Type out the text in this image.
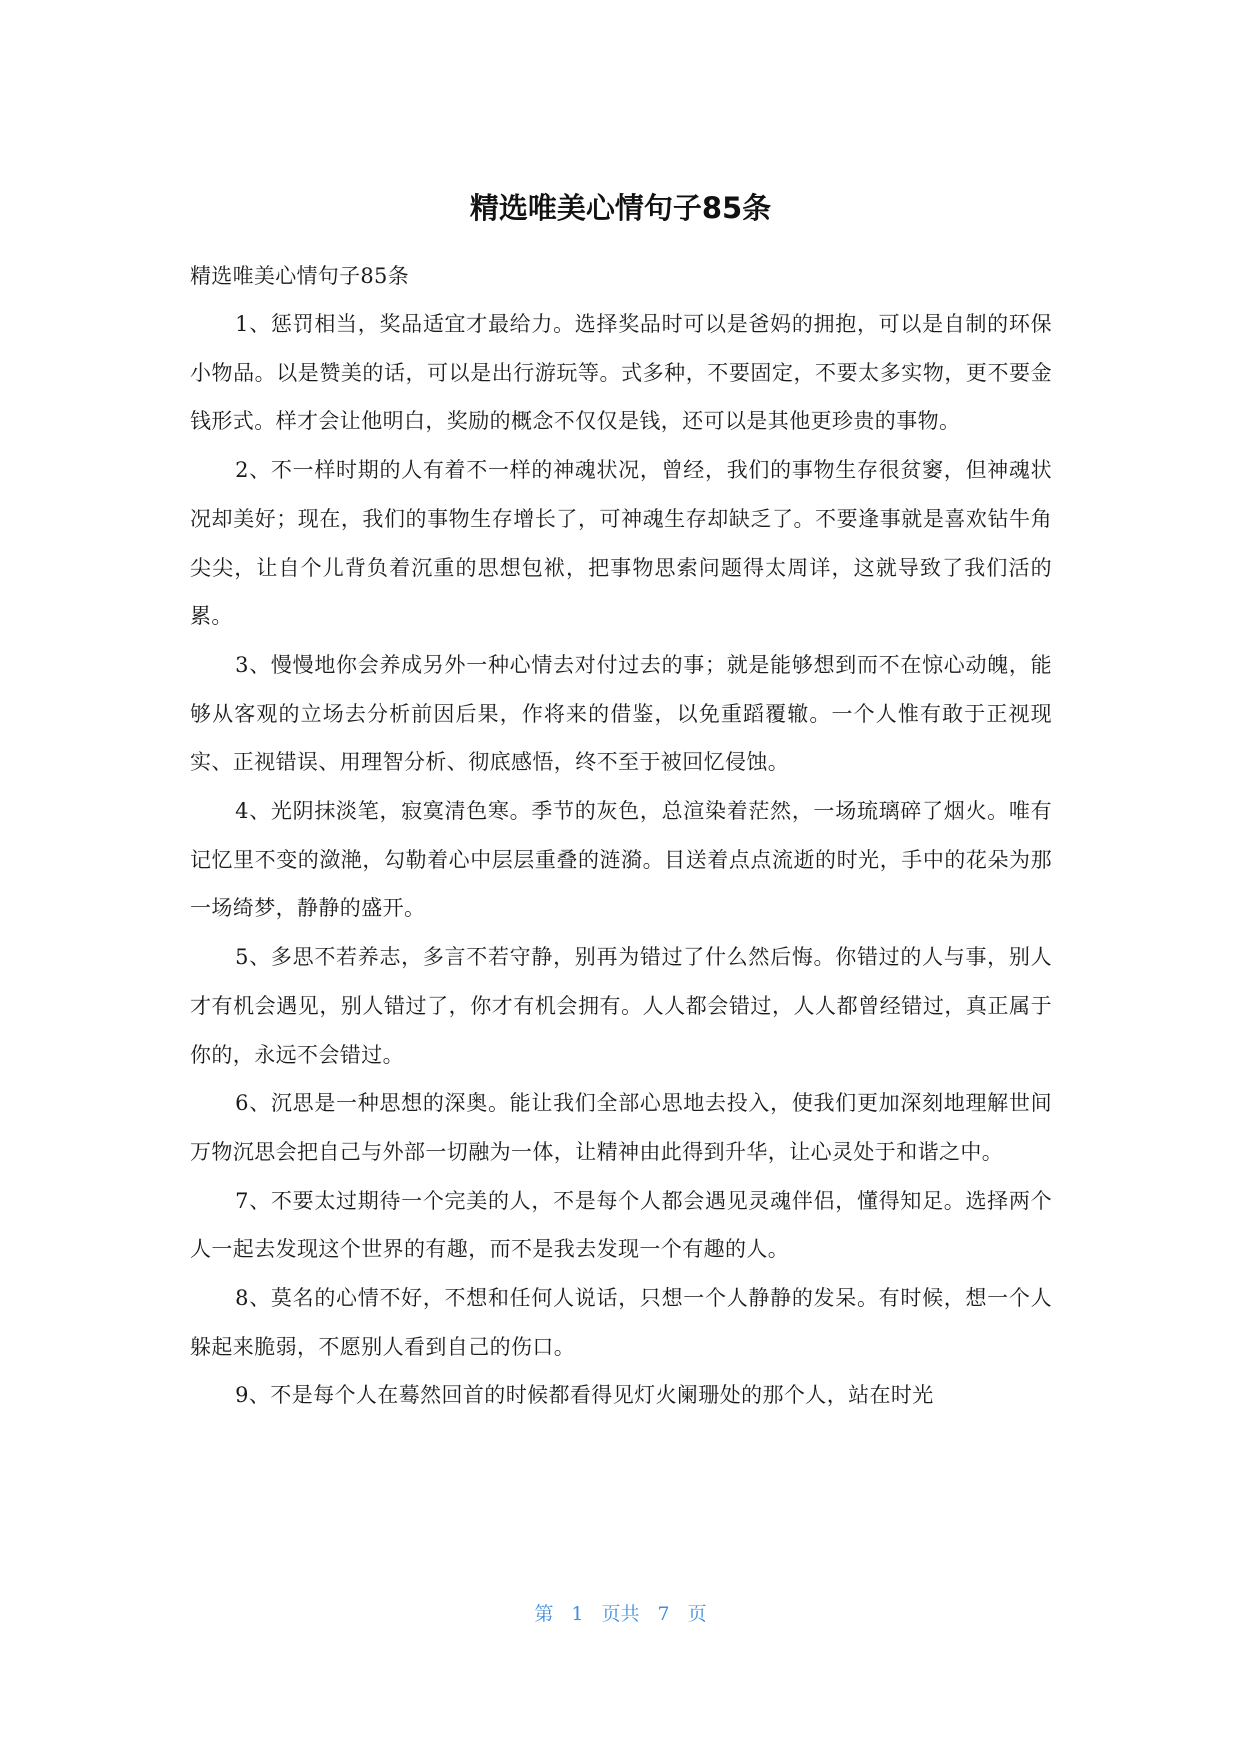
精选唯美心情句子85条

精选唯美心情句子85条

1、惩罚相当，奖品适宜才最给力。选择奖品时可以是爸妈的拥抱，可以是自制的环保小物品。以是赞美的话，可以是出行游玩等。式多种，不要固定，不要太多实物，更不要金钱形式。样才会让他明白，奖励的概念不仅仅是钱，还可以是其他更珍贵的事物。

2、不一样时期的人有着不一样的神魂状况，曾经，我们的事物生存很贫窭，但神魂状况却美好；现在，我们的事物生存增长了，可神魂生存却缺乏了。不要逢事就是喜欢钻牛角尖尖，让自个儿背负着沉重的思想包袱，把事物思索问题得太周详，这就导致了我们活的累。

3、慢慢地你会养成另外一种心情去对付过去的事；就是能够想到而不在惊心动魄，能够从客观的立场去分析前因后果，作将来的借鉴，以免重蹈覆辙。一个人惟有敢于正视现实、正视错误、用理智分析、彻底感悟，终不至于被回忆侵蚀。

4、光阴抹淡笔，寂寞清色寒。季节的灰色，总渲染着茫然，一场琉璃碎了烟火。唯有记忆里不变的潋滟，勾勒着心中层层重叠的涟漪。目送着点点流逝的时光，手中的花朵为那一场绮梦，静静的盛开。

5、多思不若养志，多言不若守静，别再为错过了什么然后悔。你错过的人与事，别人才有机会遇见，别人错过了，你才有机会拥有。人人都会错过，人人都曾经错过，真正属于你的，永远不会错过。

6、沉思是一种思想的深奥。能让我们全部心思地去投入，使我们更加深刻地理解世间万物沉思会把自己与外部一切融为一体，让精神由此得到升华，让心灵处于和谐之中。

7、不要太过期待一个完美的人，不是每个人都会遇见灵魂伴侣，懂得知足。选择两个人一起去发现这个世界的有趣，而不是我去发现一个有趣的人。

8、莫名的心情不好，不想和任何人说话，只想一个人静静的发呆。有时候，想一个人躲起来脆弱，不愿别人看到自己的伤口。

9、不是每个人在蓦然回首的时候都看得见灯火阑珊处的那个人，站在时光

第 1 页共 7 页
